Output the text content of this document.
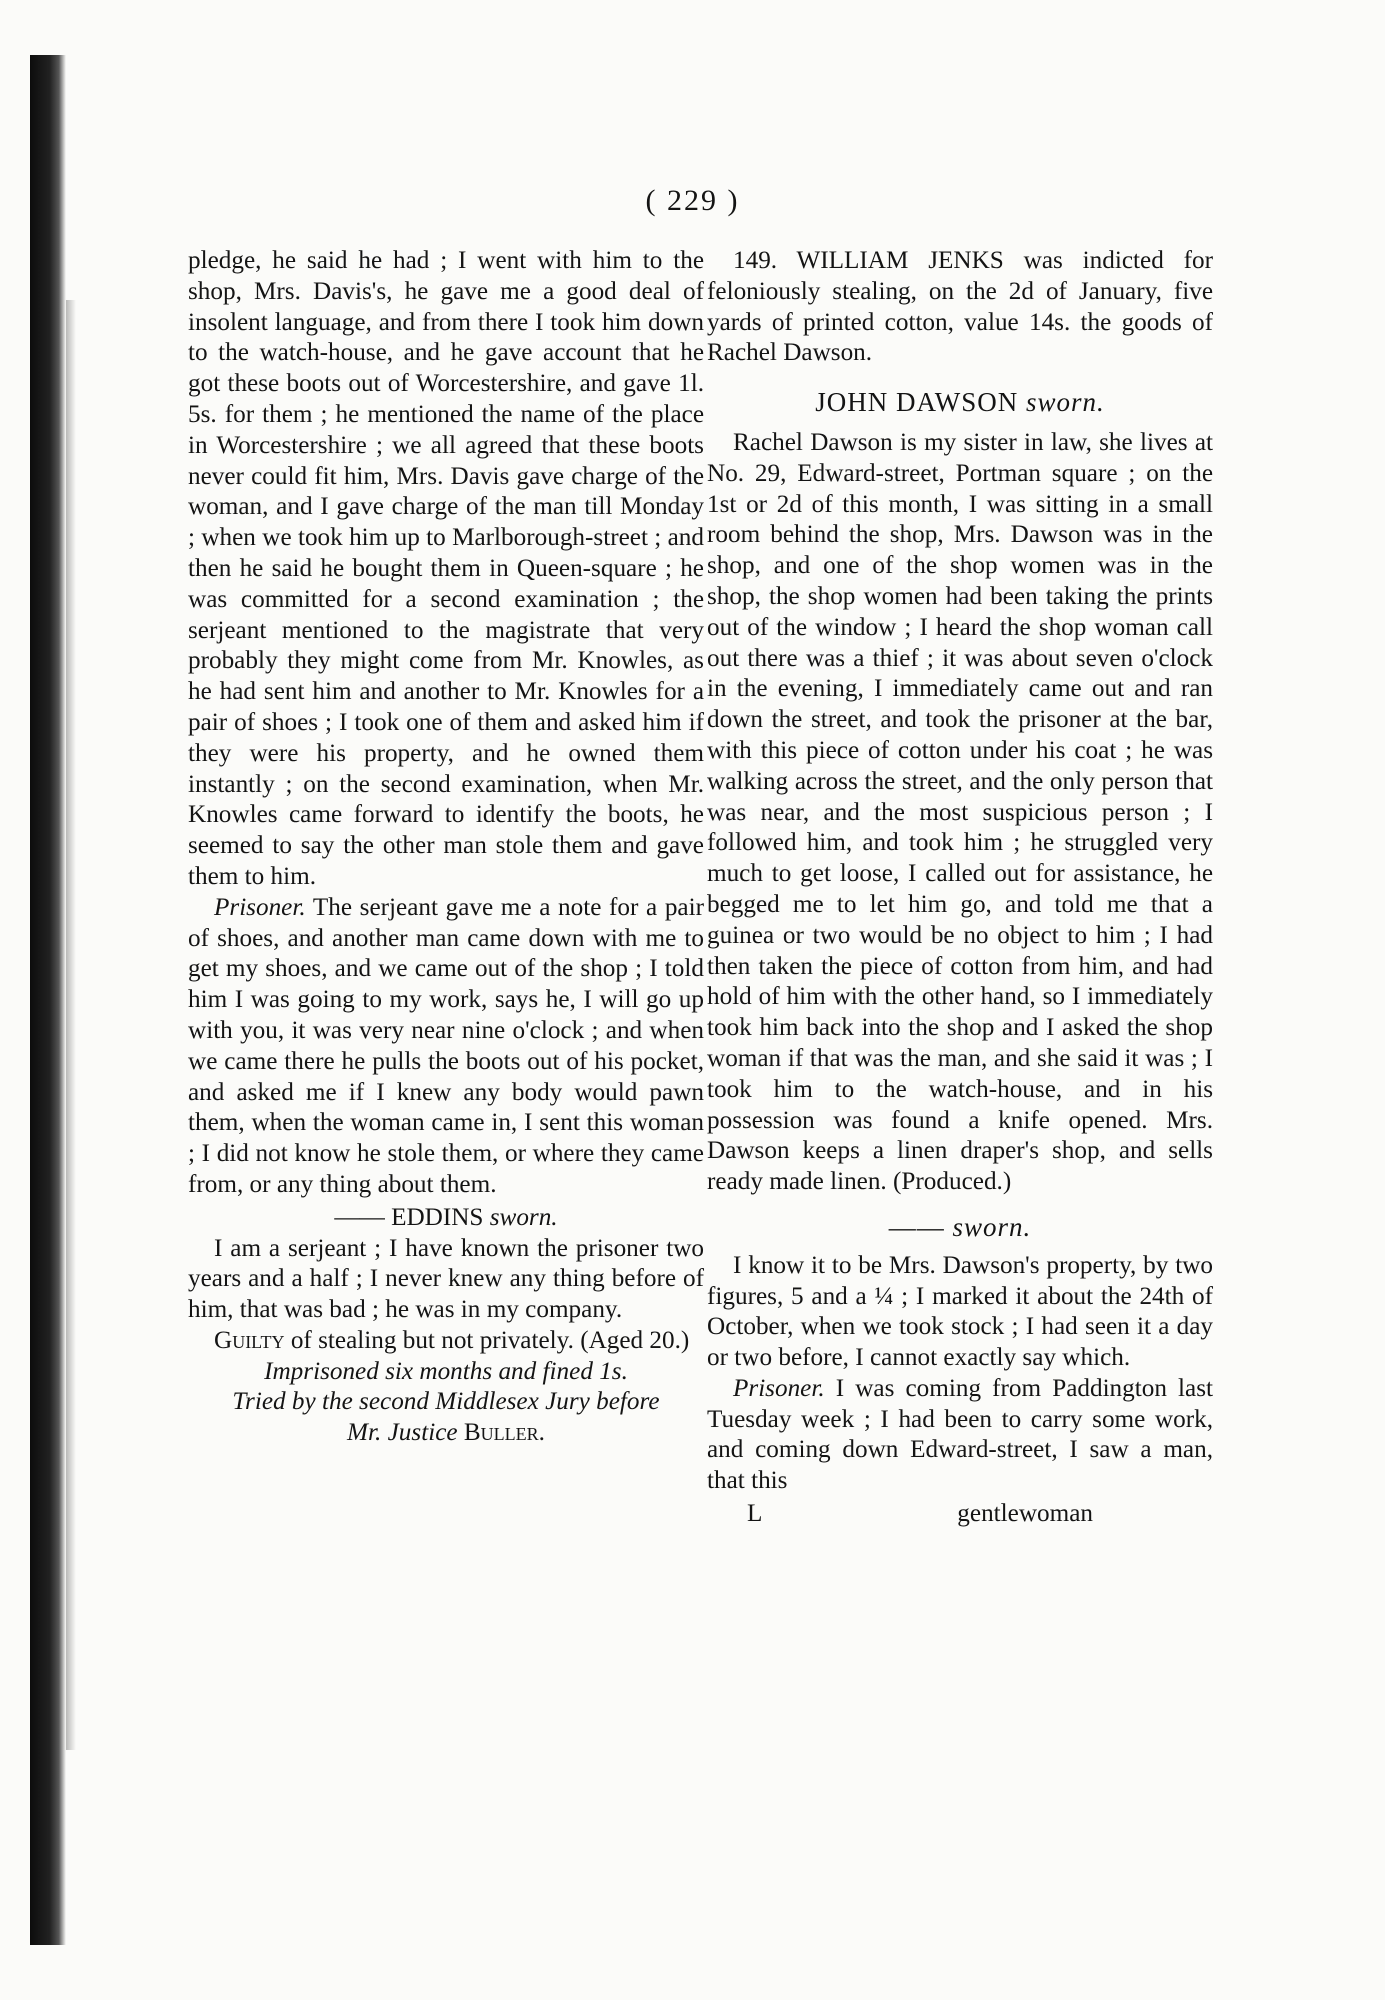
( 229 )

pledge, he said he had ; I went with him to the shop, Mrs. Davis's, he gave me a good deal of insolent language, and from there I took him down to the watch-house, and he gave account that he got these boots out of Worcestershire, and gave 1l. 5s. for them ; he mentioned the name of the place in Worcestershire ; we all agreed that these boots never could fit him, Mrs. Davis gave charge of the woman, and I gave charge of the man till Monday ; when we took him up to Marlborough-street ; and then he said he bought them in Queen-square ; he was committed for a second examination ; the serjeant mentioned to the magistrate that very probably they might come from Mr. Knowles, as he had sent him and another to Mr. Knowles for a pair of shoes ; I took one of them and asked him if they were his property, and he owned them instantly ; on the second examination, when Mr. Knowles came forward to identify the boots, he seemed to say the other man stole them and gave them to him.

Prisoner. The serjeant gave me a note for a pair of shoes, and another man came down with me to get my shoes, and we came out of the shop ; I told him I was going to my work, says he, I will go up with you, it was very near nine o'clock ; and when we came there he pulls the boots out of his pocket, and asked me if I knew any body would pawn them, when the woman came in, I sent this woman ; I did not know he stole them, or where they came from, or any thing about them.

—— EDDINS sworn.

I am a serjeant ; I have known the prisoner two years and a half ; I never knew any thing before of him, that was bad ; he was in my company.

Guilty of stealing but not privately. (Aged 20.)

Imprisoned six months and fined 1s.

Tried by the second Middlesex Jury before

Mr. Justice Buller.

149. WILLIAM JENKS was indicted for feloniously stealing, on the 2d of January, five yards of printed cotton, value 14s. the goods of Rachel Dawson.

JOHN DAWSON sworn.

Rachel Dawson is my sister in law, she lives at No. 29, Edward-street, Portman square ; on the 1st or 2d of this month, I was sitting in a small room behind the shop, Mrs. Dawson was in the shop, and one of the shop women was in the shop, the shop women had been taking the prints out of the window ; I heard the shop woman call out there was a thief ; it was about seven o'clock in the evening, I immediately came out and ran down the street, and took the prisoner at the bar, with this piece of cotton under his coat ; he was walking across the street, and the only person that was near, and the most suspicious person ; I followed him, and took him ; he struggled very much to get loose, I called out for assistance, he begged me to let him go, and told me that a guinea or two would be no object to him ; I had then taken the piece of cotton from him, and had hold of him with the other hand, so I immediately took him back into the shop and I asked the shop woman if that was the man, and she said it was ; I took him to the watch-house, and in his possession was found a knife opened. Mrs. Dawson keeps a linen draper's shop, and sells ready made linen. (Produced.)

—— sworn.

I know it to be Mrs. Dawson's property, by two figures, 5 and a ¼ ; I marked it about the 24th of October, when we took stock ; I had seen it a day or two before, I cannot exactly say which.

Prisoner. I was coming from Paddington last Tuesday week ; I had been to carry some work, and coming down Edward-street, I saw a man, that this

L	gentlewoman
